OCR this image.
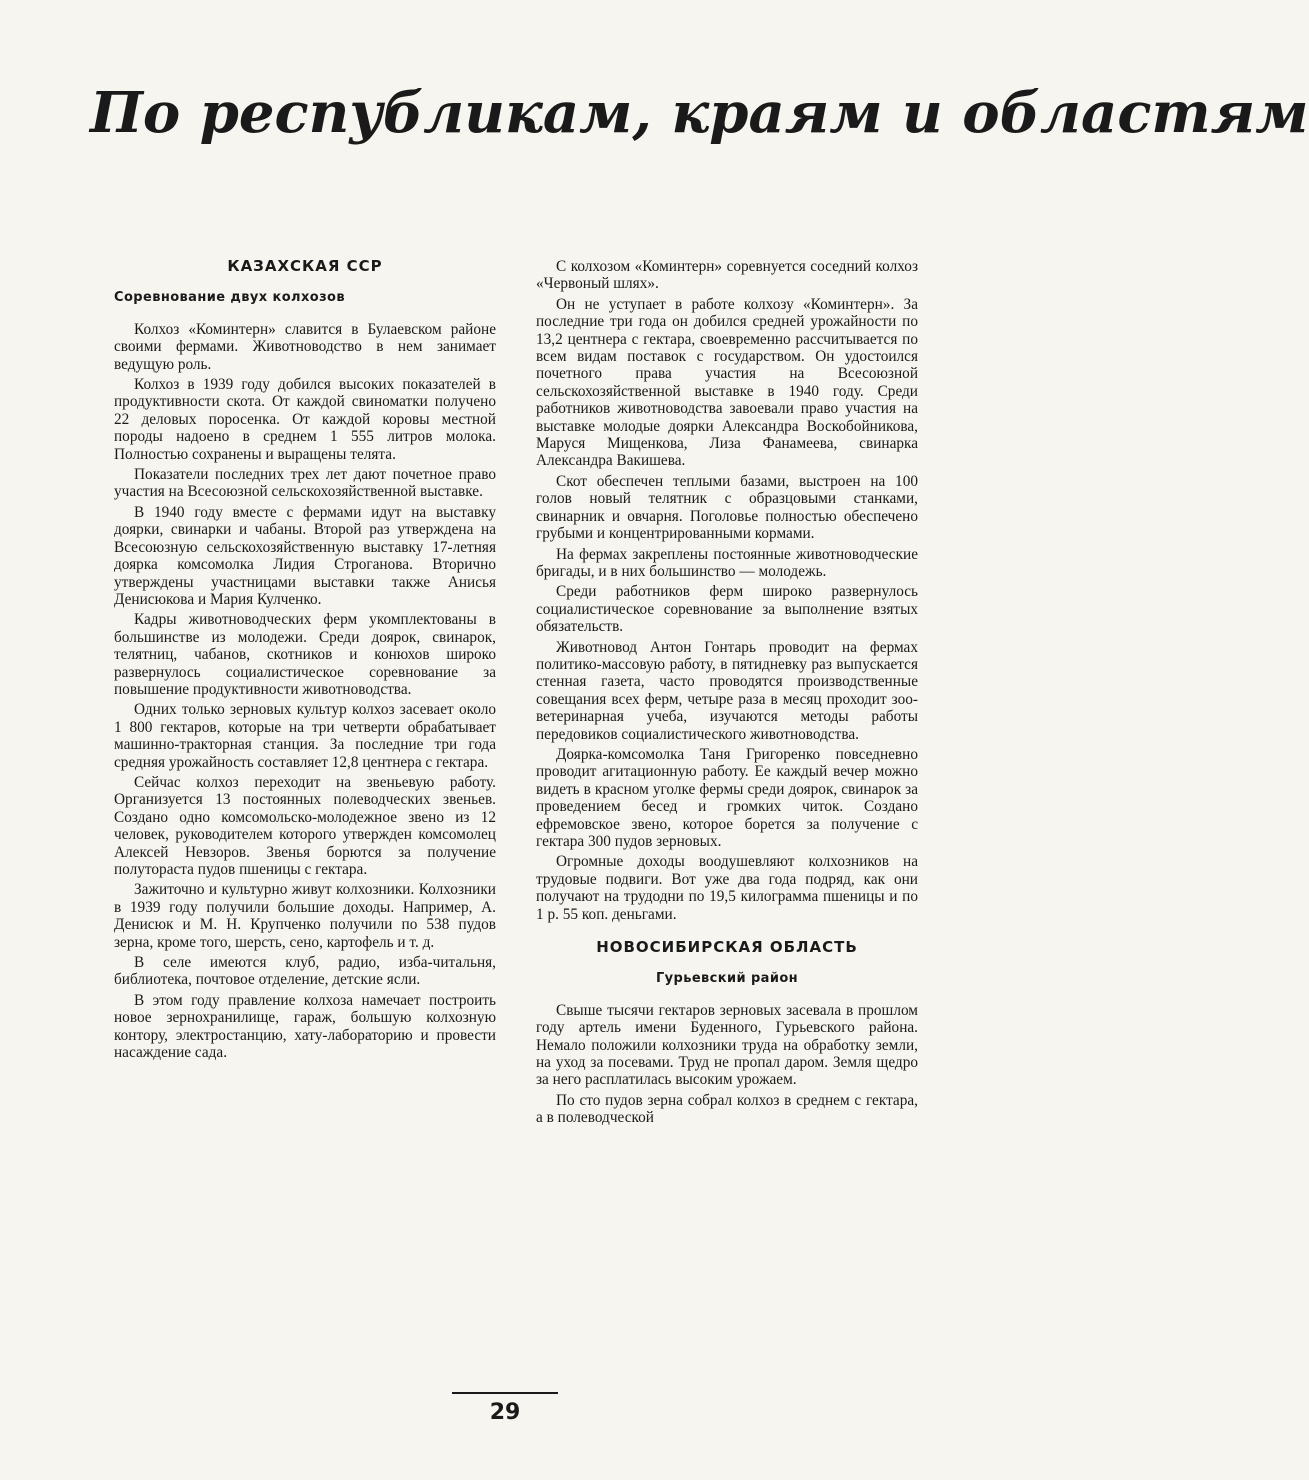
По республикам, краям и областям
КАЗАХСКАЯ ССР
Соревнование двух колхозов

Колхоз «Коминтерн» славится в Булаевском районе своими фермами. Животноводство в нем занимает ведущую роль.

Колхоз в 1939 году добился высоких показателей в продуктивности скота. От каждой свиноматки получено 22 деловых поросенка. От каждой коровы местной породы надоено в среднем 1 555 литров молока. Полностью сохранены и выращены телята.

Показатели последних трех лет дают почетное право участия на Всесоюзной сельскохозяйственной выставке.

В 1940 году вместе с фермами идут на выставку доярки, свинарки и чабаны. Второй раз утверждена на Всесоюзную сельскохозяйственную выставку 17-летняя доярка комсомолка Лидия Строганова. Вторично утверждены участницами выставки также Анисья Денисюкова и Мария Кулченко.

Кадры животноводческих ферм укомплектованы в большинстве из молодежи. Среди доярок, свинарок, телятниц, чабанов, скотников и конюхов широко развернулось социалистическое соревнование за повышение продуктивности животноводства.

Одних только зерновых культур колхоз засевает около 1 800 гектаров, которые на три четверти обрабатывает машинно-тракторная станция. За последние три года средняя урожайность составляет 12,8 центнера с гектара.

Сейчас колхоз переходит на звеньевую работу. Организуется 13 постоянных полеводческих звеньев. Создано одно комсомольско-молодежное звено из 12 человек, руководителем которого утвержден комсомолец Алексей Невзоров. Звенья борются за получение полутораста пудов пшеницы с гектара.

Зажиточно и культурно живут колхозники. Колхозники в 1939 году получили большие доходы. Например, А. Денисюк и М. Н. Крупченко получили по 538 пудов зерна, кроме того, шерсть, сено, картофель и т. д.

В селе имеются клуб, радио, изба-читальня, библиотека, почтовое отделение, детские ясли.

В этом году правление колхоза намечает построить новое зернохранилище, гараж, большую колхозную контору, электростанцию, хату-лабораторию и провести насаждение сада.

С колхозом «Коминтерн» соревнуется соседний колхоз «Червоный шлях».

Он не уступает в работе колхозу «Коминтерн». За последние три года он добился средней урожайности по 13,2 центнера с гектара, своевременно рассчитывается по всем видам поставок с государством. Он удостоился почетного права участия на Всесоюзной сельскохозяйственной выставке в 1940 году. Среди работников животноводства завоевали право участия на выставке молодые доярки Александра Воскобойникова, Маруся Мищенкова, Лиза Фанамеева, свинарка Александра Вакишева.

Скот обеспечен теплыми базами, выстроен на 100 голов новый телятник с образцовыми станками, свинарник и овчарня. Поголовье полностью обеспечено грубыми и концентрированными кормами.

На фермах закреплены постоянные животноводческие бригады, и в них большинство — молодежь.

Среди работников ферм широко развернулось социалистическое соревнование за выполнение взятых обязательств.

Животновод Антон Гонтарь проводит на фермах политико-массовую работу, в пятидневку раз выпускается стенная газета, часто проводятся производственные совещания всех ферм, четыре раза в месяц проходит зоо-ветеринарная учеба, изучаются методы работы передовиков социалистического животноводства.

Доярка-комсомолка Таня Григоренко повседневно проводит агитационную работу. Ее каждый вечер можно видеть в красном уголке фермы среди доярок, свинарок за проведением бесед и громких читок. Создано ефремовское звено, которое борется за получение с гектара 300 пудов зерновых.

Огромные доходы воодушевляют колхозников на трудовые подвиги. Вот уже два года подряд, как они получают на трудодни по 19,5 килограмма пшеницы и по 1 р. 55 коп. деньгами.

НОВОСИБИРСКАЯ ОБЛАСТЬ
Гурьевский район

Свыше тысячи гектаров зерновых засевала в прошлом году артель имени Буденного, Гурьевского района. Немало положили колхозники труда на обработку земли, на уход за посевами. Труд не пропал даром. Земля щедро за него расплатилась высоким урожаем.

По сто пудов зерна собрал колхоз в среднем с гектара, а в полеводческой

29
